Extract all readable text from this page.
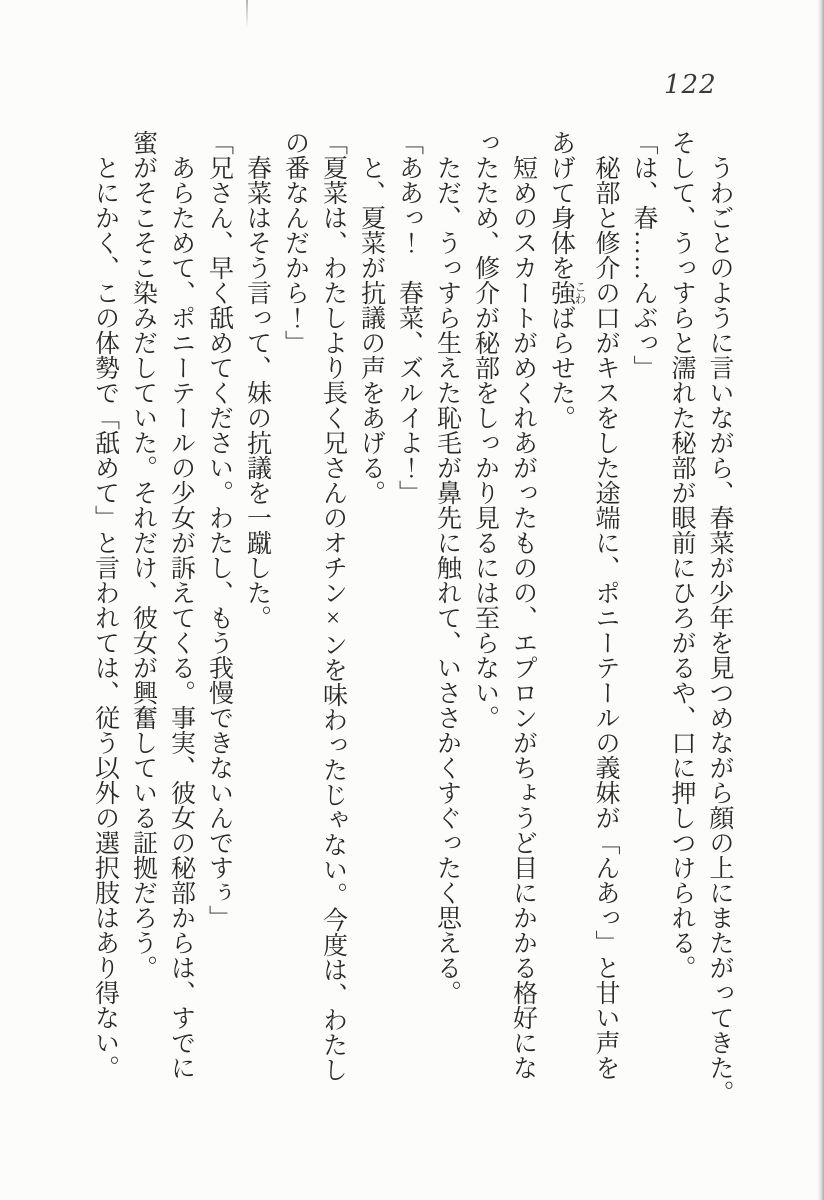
122

　うわごとのように言いながら、春菜が少年を見つめながら顔の上にまたがってきた。

そして、うっすらと濡れた秘部が眼前にひろがるや、口に押しつけられる。

「は、春……んぶっ」

　秘部と修介の口がキスをした途端に、ポニーテールの義妹が「んあっ」と甘い声を

あげて身体を強こわばらせた。

　短めのスカートがめくれあがったものの、エプロンがちょうど目にかかる格好にな

ったため、修介が秘部をしっかり見るには至らない。

　ただ、うっすら生えた恥毛が鼻先に触れて、いささかくすぐったく思える。

「ああっ！　春菜、ズルイよ！」

　と、夏菜が抗議の声をあげる。

「夏菜は、わたしより長く兄さんのオチン×ンを味わったじゃない。今度は、わたし

の番なんだから！」

　春菜はそう言って、妹の抗議を一蹴した。

「兄さん、早く舐めてください。わたし、もう我慢できないんですぅ」

　あらためて、ポニーテールの少女が訴えてくる。事実、彼女の秘部からは、すでに

蜜がそこそこ染みだしていた。それだけ、彼女が興奮している証拠だろう。

　とにかく、この体勢で「舐めて」と言われては、従う以外の選択肢はあり得ない。
